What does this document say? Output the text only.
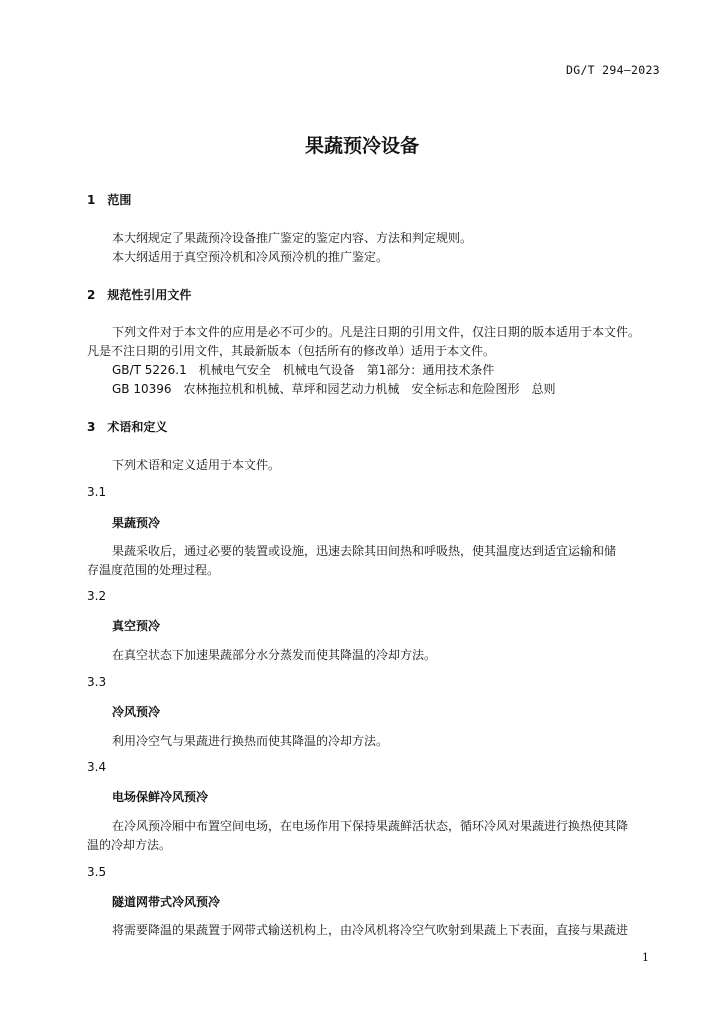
DG/T 294—2023
果蔬预冷设备
1　范围
本大纲规定了果蔬预冷设备推广鉴定的鉴定内容、方法和判定规则。
本大纲适用于真空预冷机和冷风预冷机的推广鉴定。
2　规范性引用文件
下列文件对于本文件的应用是必不可少的。凡是注日期的引用文件，仅注日期的版本适用于本文件。
凡是不注日期的引用文件，其最新版本（包括所有的修改单）适用于本文件。
GB/T 5226.1　机械电气安全　机械电气设备　第1部分：通用技术条件
GB 10396　农林拖拉机和机械、草坪和园艺动力机械　安全标志和危险图形　总则
3　术语和定义
下列术语和定义适用于本文件。
3.1
果蔬预冷
果蔬采收后，通过必要的装置或设施，迅速去除其田间热和呼吸热，使其温度达到适宜运输和储
存温度范围的处理过程。
3.2
真空预冷
在真空状态下加速果蔬部分水分蒸发而使其降温的冷却方法。
3.3
冷风预冷
利用冷空气与果蔬进行换热而使其降温的冷却方法。
3.4
电场保鲜冷风预冷
在冷风预冷厢中布置空间电场，在电场作用下保持果蔬鲜活状态，循环冷风对果蔬进行换热使其降
温的冷却方法。
3.5
隧道网带式冷风预冷
将需要降温的果蔬置于网带式输送机构上，由冷风机将冷空气吹射到果蔬上下表面，直接与果蔬进
1
